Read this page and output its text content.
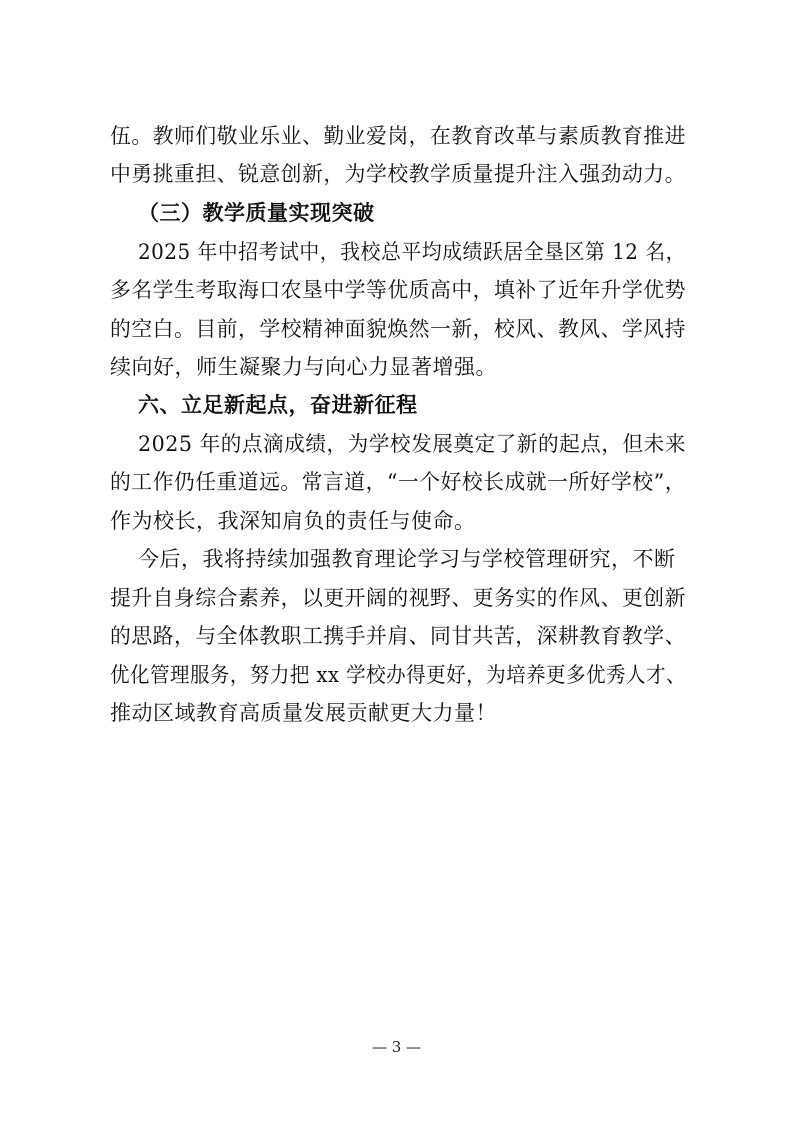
伍。教师们敬业乐业、勤业爱岗，在教育改革与素质教育推进
中勇挑重担、锐意创新，为学校教学质量提升注入强劲动力。
（三）教学质量实现突破
2025 年中招考试中，我校总平均成绩跃居全垦区第 12 名，
多名学生考取海口农垦中学等优质高中，填补了近年升学优势
的空白。目前，学校精神面貌焕然一新，校风、教风、学风持
续向好，师生凝聚力与向心力显著增强。
六、立足新起点，奋进新征程
2025 年的点滴成绩，为学校发展奠定了新的起点，但未来
的工作仍任重道远。常言道，“一个好校长成就一所好学校”，
作为校长，我深知肩负的责任与使命。
今后，我将持续加强教育理论学习与学校管理研究，不断
提升自身综合素养，以更开阔的视野、更务实的作风、更创新
的思路，与全体教职工携手并肩、同甘共苦，深耕教育教学、
优化管理服务，努力把 xx 学校办得更好，为培养更多优秀人才、
推动区域教育高质量发展贡献更大力量！
— 3 —
